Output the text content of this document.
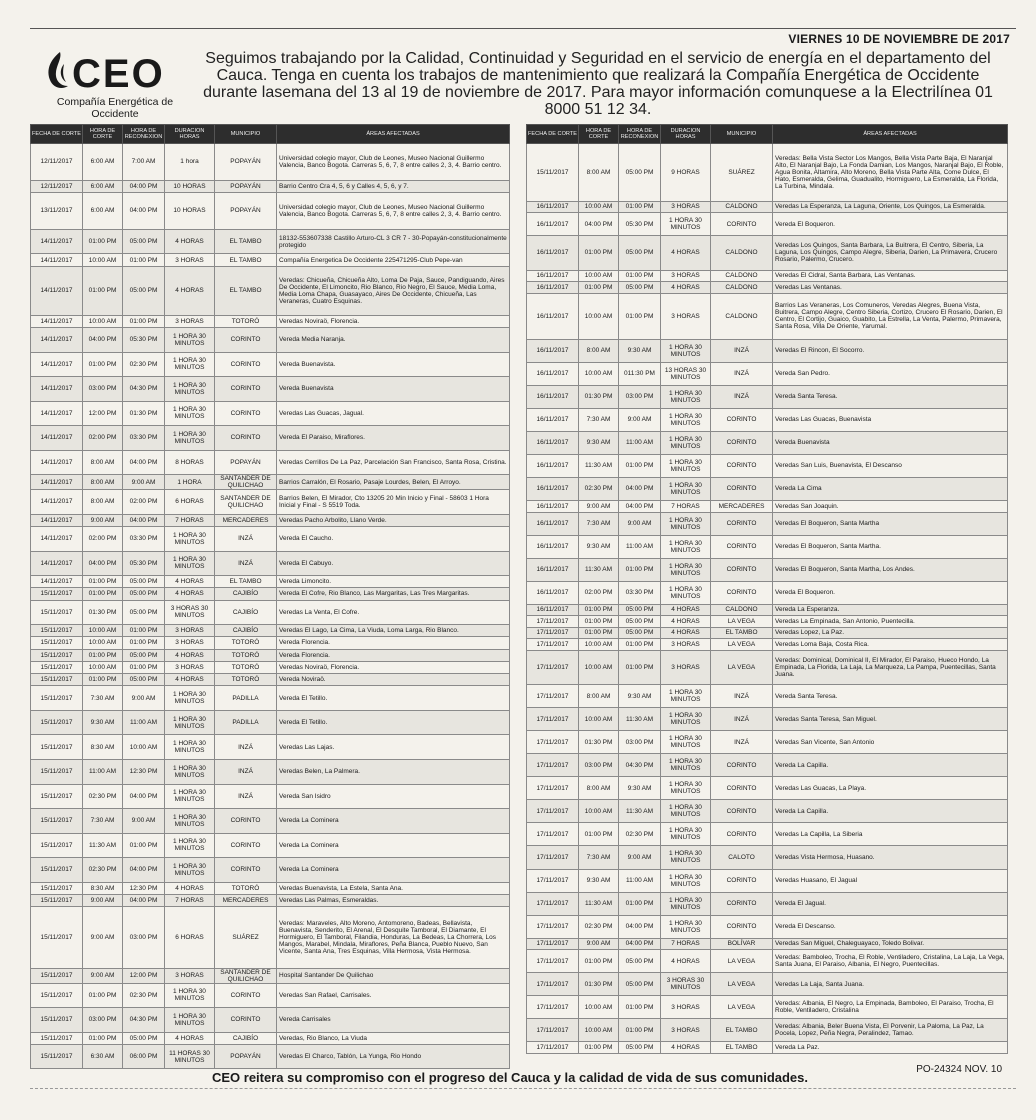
VIERNES 10 DE NOVIEMBRE DE 2017
CEO
Compañía Energética de Occidente
Seguimos trabajando por la Calidad, Continuidad y Seguridad en el servicio de energía en el departamento del Cauca. Tenga en cuenta los trabajos de mantenimiento que realizará la Compañía Energética de Occidente durante lasemana del 13 al 19 de noviembre de 2017. Para mayor información comunquese a la Electrilínea 01 8000 51 12 34.
FECHA DE CORTE	HORA DE CORTE	HORA DE RECONEXION	DURACION HORAS	MUNICIPIO	ÁREAS AFECTADAS
12/11/2017	6:00 AM	7:00 AM	1 hora	POPAYÁN	Universidad colegio mayor, Club de Leones, Museo Nacional Guillermo Valencia, Banco Bogota. Carreras 5, 6, 7, 8 entre calles 2, 3, 4. Barrio centro.
12/11/2017	6:00 AM	04:00 PM	10 HORAS	POPAYÁN	Barrio Centro Cra 4, 5, 6 y Calles 4, 5, 6, y 7.
13/11/2017	6:00 AM	04:00 PM	10 HORAS	POPAYÁN	Universidad colegio mayor, Club de Leones, Museo Nacional Guillermo Valencia, Banco Bogota. Carreras 5, 6, 7, 8 entre calles 2, 3, 4. Barrio centro.
14/11/2017	01:00 PM	05:00 PM	4 HORAS	EL TAMBO	18132-553607338 Castillo Arturo-CL 3 CR 7 - 30-Popayán-constitucionalmente protegido
14/11/2017	10:00 AM	01:00 PM	3 HORAS	EL TAMBO	Compañía Energetica De Occidente 225471295-Club Pepe-van
14/11/2017	01:00 PM	05:00 PM	4 HORAS	EL TAMBO	Veredas: Chicueña, Chicueña Alto, Loma De Paja, Sauce, Pandiguando, Aires De Occidente, El Limoncito, Rio Blanco, Rio Negro, El Sauce, Media Loma, Media Loma Chapa, Guasayaco, Aires De Occidente, Chicueña, Las Veraneras, Cuatro Esquinas.
14/11/2017	10:00 AM	01:00 PM	3 HORAS	TOTORÓ	Veredas Noviraö, Florencia.
14/11/2017	04:00 PM	05:30 PM	1 HORA 30 MINUTOS	CORINTO	Vereda Media Naranja.
14/11/2017	01:00 PM	02:30 PM	1 HORA 30 MINUTOS	CORINTO	Vereda Buenavista.
14/11/2017	03:00 PM	04:30 PM	1 HORA 30 MINUTOS	CORINTO	Vereda Buenavista
14/11/2017	12:00 PM	01:30 PM	1 HORA 30 MINUTOS	CORINTO	Veredas Las Guacas, Jagual.
14/11/2017	02:00 PM	03:30 PM	1 HORA 30 MINUTOS	CORINTO	Vereda El Paraiso, Miraflores.
14/11/2017	8:00 AM	04:00 PM	8 HORAS	POPAYÁN	Veredas Cerrillos De La Paz, Parcelación San Francisco, Santa Rosa, Cristina.
14/11/2017	8:00 AM	9:00 AM	1 HORA	SANTANDER DE QUILICHAO	Barrios Carralón, El Rosario, Pasaje Lourdes, Belen, El Arroyo.
14/11/2017	8:00 AM	02:00 PM	6 HORAS	SANTANDER DE QUILICHAO	Barrios Belen, El Mirador, Cto 13205 20 Min Inicio y Final - 58603 1 Hora Inicial y Final - S 5519 Toda.
14/11/2017	9:00 AM	04:00 PM	7 HORAS	MERCADERES	Veredas Pacho Arbolito, Llano Verde.
14/11/2017	02:00 PM	03:30 PM	1 HORA 30 MINUTOS	INZÁ	Vereda El Caucho.
14/11/2017	04:00 PM	05:30 PM	1 HORA 30 MINUTOS	INZÁ	Vereda El Cabuyo.
14/11/2017	01:00 PM	05:00 PM	4 HORAS	EL TAMBO	Vereda Limoncito.
15/11/2017	01:00 PM	05:00 PM	4 HORAS	CAJIBÍO	Vereda El Cofre, Rio Blanco, Las Margaritas, Las Tres Margaritas.
15/11/2017	01:30 PM	05:00 PM	3 HORAS 30 MINUTOS	CAJIBÍO	Veredas La Venta, El Cofre.
15/11/2017	10:00 AM	01:00 PM	3 HORAS	CAJIBÍO	Veredas El Lago, La Cima, La Viuda, Loma Larga, Rio Blanco.
15/11/2017	10:00 AM	01:00 PM	3 HORAS	TOTORÓ	Vereda Florencia.
15/11/2017	01:00 PM	05:00 PM	4 HORAS	TOTORÓ	Vereda Florencia.
15/11/2017	10:00 AM	01:00 PM	3 HORAS	TOTORÓ	Veredas Noviraö, Florencia.
15/11/2017	01:00 PM	05:00 PM	4 HORAS	TOTORÓ	Vereda Noviraö.
15/11/2017	7:30 AM	9:00 AM	1 HORA 30 MINUTOS	PADILLA	Vereda El Tetillo.
15/11/2017	9:30 AM	11:00 AM	1 HORA 30 MINUTOS	PADILLA	Vereda El Tetillo.
15/11/2017	8:30 AM	10:00 AM	1 HORA 30 MINUTOS	INZÁ	Veredas Las Lajas.
15/11/2017	11:00 AM	12:30 PM	1 HORA 30 MINUTOS	INZÁ	Veredas Belen, La Palmera.
15/11/2017	02:30 PM	04:00 PM	1 HORA 30 MINUTOS	INZÁ	Vereda San Isidro
15/11/2017	7:30 AM	9:00 AM	1 HORA 30 MINUTOS	CORINTO	Vereda La Cominera
15/11/2017	11:30 AM	01:00 PM	1 HORA 30 MINUTOS	CORINTO	Vereda La Cominera
15/11/2017	02:30 PM	04:00 PM	1 HORA 30 MINUTOS	CORINTO	Vereda La Cominera
15/11/2017	8:30 AM	12:30 PM	4 HORAS	TOTORÓ	Veredas Buenavista, La Estela, Santa Ana.
15/11/2017	9:00 AM	04:00 PM	7 HORAS	MERCADERES	Veredas Las Palmas, Esmeraldas.
15/11/2017	9:00 AM	03:00 PM	6 HORAS	SUÁREZ	Veredas: Maraveles, Alto Moreno, Antomoreno, Badeas, Bellavista, Buenavista, Senderito, El Arenal, El Desquite Tamboral, El Diamante, El Hormiguero, El Tamboral, Filandia, Honduras, La Bedeas, La Chorrera, Los Mangos, Marabel, Mindala, Miraflores, Peña Blanca, Pueblo Nuevo, San Vicente, Santa Ana, Tres Esquinas, Villa Hermosa, Vista Hermosa.
15/11/2017	9:00 AM	12:00 PM	3 HORAS	SANTANDER DE QUILICHAO	Hospital Santander De Quilichao
15/11/2017	01:00 PM	02:30 PM	1 HORA 30 MINUTOS	CORINTO	Veredas San Rafael, Carrisales.
15/11/2017	03:00 PM	04:30 PM	1 HORA 30 MINUTOS	CORINTO	Vereda Carrisales
15/11/2017	01:00 PM	05:00 PM	4 HORAS	CAJIBÍO	Veredas, Rio Blanco, La Viuda
15/11/2017	6:30 AM	06:00 PM	11 HORAS 30 MINUTOS	POPAYÁN	Veredas El Charco, Tablón, La Yunga, Rio Hondo
FECHA DE CORTE	HORA DE CORTE	HORA DE RECONEXION	DURACION HORAS	MUNICIPIO	ÁREAS AFECTADAS
15/11/2017	8:00 AM	05:00 PM	9 HORAS	SUÁREZ	Veredas: Bella Vista Sector Los Mangos, Bella Vista Parte Baja, El Naranjal Alto, El Naranjal Bajo, La Fonda Damian, Los Mangos, Naranjal Bajo, El Roble, Agua Bonita, Altamira, Alto Moreno, Bella Vista Parte Alta, Come Dulce, El Hato, Esmeralda, Gelima, Guadualito, Hormiguero, La Esmeralda, La Florida, La Turbina, Mindala.
16/11/2017	10:00 AM	01:00 PM	3 HORAS	CALDONO	Veredas La Esperanza, La Laguna, Oriente, Los Quingos, La Esmeralda.
16/11/2017	04:00 PM	05:30 PM	1 HORA 30 MINUTOS	CORINTO	Vereda El Boqueron.
16/11/2017	01:00 PM	05:00 PM	4 HORAS	CALDONO	Veredas Los Quingos, Santa Barbara, La Buitrera, El Centro, Siberia, La Laguna, Los Quingos, Campo Alegre, Siberia, Darien, La Primavera, Crucero Rosario, Palermo, Crucero.
16/11/2017	10:00 AM	01:00 PM	3 HORAS	CALDONO	Veredas El Cidral, Santa Barbara, Las Ventanas.
16/11/2017	01:00 PM	05:00 PM	4 HORAS	CALDONO	Veredas Las Ventanas.
16/11/2017	10:00 AM	01:00 PM	3 HORAS	CALDONO	Barrios Las Veraneras, Los Comuneros, Veredas Alegres, Buena Vista, Buitrera, Campo Alegre, Centro Siberia, Cortizo, Crucero El Rosario, Darien, El Centro, El Cortijo, Guaico, Guabito, La Estrella, La Venta, Palermo, Primavera, Santa Rosa, Villa De Oriente, Yarumal.
16/11/2017	8:00 AM	9:30 AM	1 HORA 30 MINUTOS	INZÁ	Veredas El Rincon, El Socorro.
16/11/2017	10:00 AM	011:30 PM	13 HORAS 30 MINUTOS	INZÁ	Vereda San Pedro.
16/11/2017	01:30 PM	03:00 PM	1 HORA 30 MINUTOS	INZÁ	Vereda Santa Teresa.
16/11/2017	7:30 AM	9:00 AM	1 HORA 30 MINUTOS	CORINTO	Veredas Las Guacas, Buenavista
16/11/2017	9:30 AM	11:00 AM	1 HORA 30 MINUTOS	CORINTO	Vereda Buenavista
16/11/2017	11:30 AM	01:00 PM	1 HORA 30 MINUTOS	CORINTO	Veredas San Luis, Buenavista, El Descanso
16/11/2017	02:30 PM	04:00 PM	1 HORA 30 MINUTOS	CORINTO	Vereda La Cima
16/11/2017	9:00 AM	04:00 PM	7 HORAS	MERCADERES	Veredas San Joaquin.
16/11/2017	7:30 AM	9:00 AM	1 HORA 30 MINUTOS	CORINTO	Veredas El Boqueron, Santa Martha
16/11/2017	9:30 AM	11:00 AM	1 HORA 30 MINUTOS	CORINTO	Veredas El Boqueron, Santa Martha.
16/11/2017	11:30 AM	01:00 PM	1 HORA 30 MINUTOS	CORINTO	Veredas El Boqueron, Santa Martha, Los Andes.
16/11/2017	02:00 PM	03:30 PM	1 HORA 30 MINUTOS	CORINTO	Vereda El Boqueron.
16/11/2017	01:00 PM	05:00 PM	4 HORAS	CALDONO	Vereda La Esperanza.
17/11/2017	01:00 PM	05:00 PM	4 HORAS	LA VEGA	Veredas La Empinada, San Antonio, Puentecilla.
17/11/2017	01:00 PM	05:00 PM	4 HORAS	EL TAMBO	Veredas Lopez, La Paz.
17/11/2017	10:00 AM	01:00 PM	3 HORAS	LA VEGA	Veredas Loma Baja, Costa Rica.
17/11/2017	10:00 AM	01:00 PM	3 HORAS	LA VEGA	Veredas: Dominical, Dominical II, El Mirador, El Paraiso, Hueco Hondo, La Empinada, La Florida, La Laja, La Marqueza, La Pampa, Puentecillas, Santa Juana.
17/11/2017	8:00 AM	9:30 AM	1 HORA 30 MINUTOS	INZÁ	Vereda Santa Teresa.
17/11/2017	10:00 AM	11:30 AM	1 HORA 30 MINUTOS	INZÁ	Veredas Santa Teresa, San Miguel.
17/11/2017	01:30 PM	03:00 PM	1 HORA 30 MINUTOS	INZÁ	Veredas San Vicente, San Antonio
17/11/2017	03:00 PM	04:30 PM	1 HORA 30 MINUTOS	CORINTO	Vereda La Capilla.
17/11/2017	8:00 AM	9:30 AM	1 HORA 30 MINUTOS	CORINTO	Veredas Las Guacas, La Playa.
17/11/2017	10:00 AM	11:30 AM	1 HORA 30 MINUTOS	CORINTO	Vereda La Capilla.
17/11/2017	01:00 PM	02:30 PM	1 HORA 30 MINUTOS	CORINTO	Veredas La Capilla, La Siberia
17/11/2017	7:30 AM	9:00 AM	1 HORA 30 MINUTOS	CALOTO	Veredas Vista Hermosa, Huasano.
17/11/2017	9:30 AM	11:00 AM	1 HORA 30 MINUTOS	CORINTO	Veredas Huasano, El Jagual
17/11/2017	11:30 AM	01:00 PM	1 HORA 30 MINUTOS	CORINTO	Vereda El Jagual.
17/11/2017	02:30 PM	04:00 PM	1 HORA 30 MINUTOS	CORINTO	Vereda El Descanso.
17/11/2017	9:00 AM	04:00 PM	7 HORAS	BOLÍVAR	Veredas San Miguel, Chaleguayaco, Toledo Bolivar.
17/11/2017	01:00 PM	05:00 PM	4 HORAS	LA VEGA	Veredas: Bamboleo, Trocha, El Roble, Ventiladero, Cristalina, La Laja, La Vega, Santa Juana, El Paraiso, Albania, El Negro, Puentecillas.
17/11/2017	01:30 PM	05:00 PM	3 HORAS 30 MINUTOS	LA VEGA	Veredas La Laja, Santa Juana.
17/11/2017	10:00 AM	01:00 PM	3 HORAS	LA VEGA	Veredas: Albania, El Negro, La Empinada, Bamboleo, El Paraiso, Trocha, El Roble, Ventiladero, Cristalina
17/11/2017	10:00 AM	01:00 PM	3 HORAS	EL TAMBO	Veredas: Albania, Beler Buena Vista, El Porvenir, La Paloma, La Paz, La Pocela, Lopez, Peña Negra, Peralindez, Tamao.
17/11/2017	01:00 PM	05:00 PM	4 HORAS	EL TAMBO	Vereda La Paz.
CEO reitera su compromiso con el progreso del Cauca y la calidad de vida de sus comunidades.
PO-24324 NOV. 10
